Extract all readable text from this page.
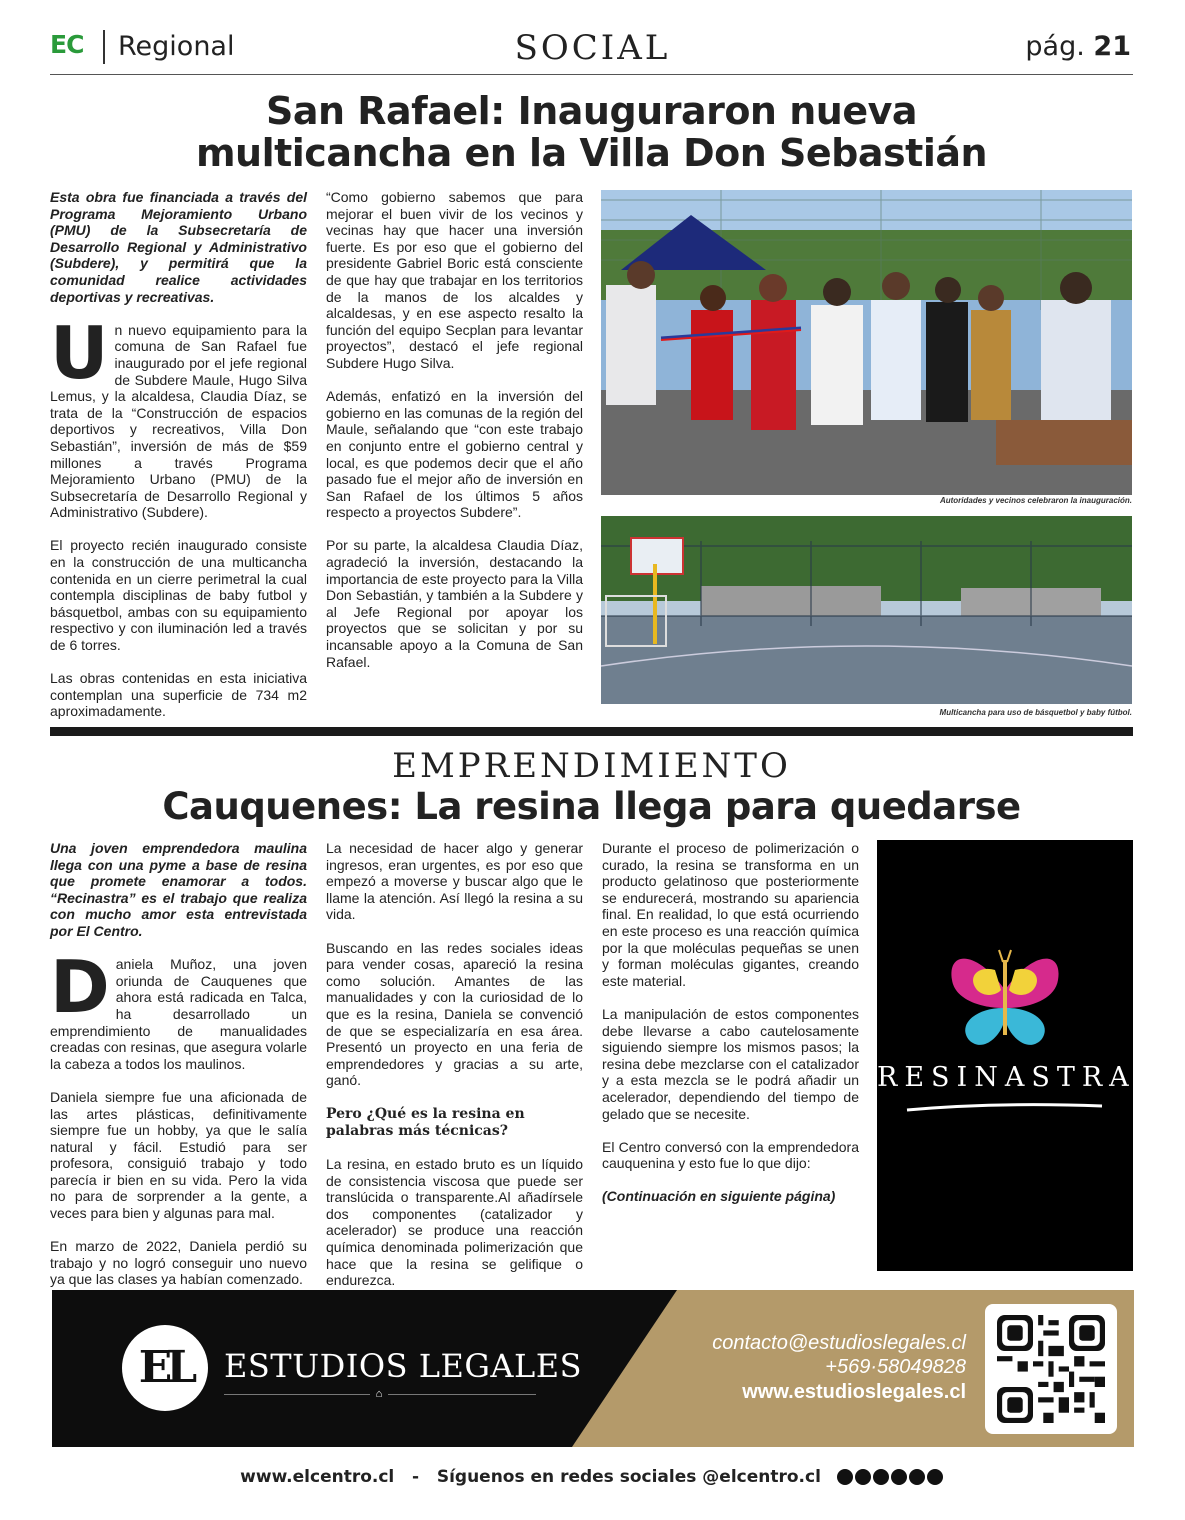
EC Regional	SOCIAL	pág. 21
San Rafael: Inauguraron nueva
multicancha en la Villa Don Sebastián

Esta obra fue financiada a través del Programa Mejoramiento Urbano (PMU) de la Subsecretaría de Desarrollo Regional y Administrativo (Subdere), y permitirá que la comunidad realice actividades deportivas y recreativas.

Un nuevo equipamiento para la comuna de San Rafael fue inaugurado por el jefe regional de Subdere Maule, Hugo Silva Lemus, y la alcaldesa, Claudia Díaz, se trata de la “Construcción de espacios deportivos y recreativos, Villa Don Sebastián”, inversión de más de $59 millones a través Programa Mejoramiento Urbano (PMU) de la Subsecretaría de Desarrollo Regional y Administrativo (Subdere).

El proyecto recién inaugurado consiste en la construcción de una multicancha contenida en un cierre perimetral la cual contempla disciplinas de baby futbol y básquetbol, ambas con su equipamiento respectivo y con iluminación led a través de 6 torres.

Las obras contenidas en esta iniciativa contemplan una superficie de 734 m2 aproximadamente.

“Como gobierno sabemos que para mejorar el buen vivir de los vecinos y vecinas hay que hacer una inversión fuerte. Es por eso que el gobierno del presidente Gabriel Boric está consciente de que hay que trabajar en los territorios de la manos de los alcaldes y alcaldesas, y en ese aspecto resalto la función del equipo Secplan para levantar proyectos”, destacó el jefe regional Subdere Hugo Silva.

Además, enfatizó en la inversión del gobierno en las comunas de la región del Maule, señalando que “con este trabajo en conjunto entre el gobierno central y local, es que podemos decir que el año pasado fue el mejor año de inversión en San Rafael de los últimos 5 años respecto a proyectos Subdere”.

Por su parte, la alcaldesa Claudia Díaz, agradeció la inversión, destacando la importancia de este proyecto para la Villa Don Sebastián, y también a la Subdere y al Jefe Regional por apoyar los proyectos que se solicitan y por su incansable apoyo a la Comuna de San Rafael.

Autoridades y vecinos celebraron la inauguración.
Multicancha para uso de básquetbol y baby fútbol.
EMPRENDIMIENTO
Cauquenes: La resina llega para quedarse

Una joven emprendedora maulina llega con una pyme a base de resina que promete enamorar a todos. “Recinastra” es el trabajo que realiza con mucho amor esta entrevistada por El Centro.

Daniela Muñoz, una joven oriunda de Cauquenes que ahora está radicada en Talca, ha desarrollado un emprendimiento de manualidades creadas con resinas, que asegura volarle la cabeza a todos los maulinos.

Daniela siempre fue una aficionada de las artes plásticas, definitivamente siempre fue un hobby, ya que le salía natural y fácil. Estudió para ser profesora, consiguió trabajo y todo parecía ir bien en su vida. Pero la vida no para de sorprender a la gente, a veces para bien y algunas para mal.

En marzo de 2022, Daniela perdió su trabajo y no logró conseguir uno nuevo ya que las clases ya habían comenzado.

La necesidad de hacer algo y generar ingresos, eran urgentes, es por eso que empezó a moverse y buscar algo que le llame la atención. Así llegó la resina a su vida.

Buscando en las redes sociales ideas para vender cosas, apareció la resina como solución. Amantes de las manualidades y con la curiosidad de lo que es la resina, Daniela se convenció de que se especializaría en esa área. Presentó un proyecto en una feria de emprendedores y gracias a su arte, ganó.

Pero ¿Qué es la resina en palabras más técnicas?

La resina, en estado bruto es un líquido de consistencia viscosa que puede ser translúcida o transparente.Al añadírsele dos componentes (catalizador y acelerador) se produce una reacción química denominada polimerización que hace que la resina se gelifique o endurezca.

Durante el proceso de polimerización o curado, la resina se transforma en un producto gelatinoso que posteriormente se endurecerá, mostrando su apariencia final. En realidad, lo que está ocurriendo en este proceso es una reacción química por la que moléculas pequeñas se unen y forman moléculas gigantes, creando este material.

La manipulación de estos componentes debe llevarse a cabo cautelosamente siguiendo siempre los mismos pasos; la resina debe mezclarse con el catalizador y a esta mezcla se le podrá añadir un acelerador, dependiendo del tiempo de gelado que se necesite.

El Centro conversó con la emprendedora cauquenina y esto fue lo que dijo:

(Continuación en siguiente página)

RESINASTRA
EL	ESTUDIOS LEGALES
⌂
contacto@estudioslegales.cl
+569·58049828
www.estudioslegales.cl
www.elcentro.cl   -   Síguenos en redes sociales @elcentro.cl
